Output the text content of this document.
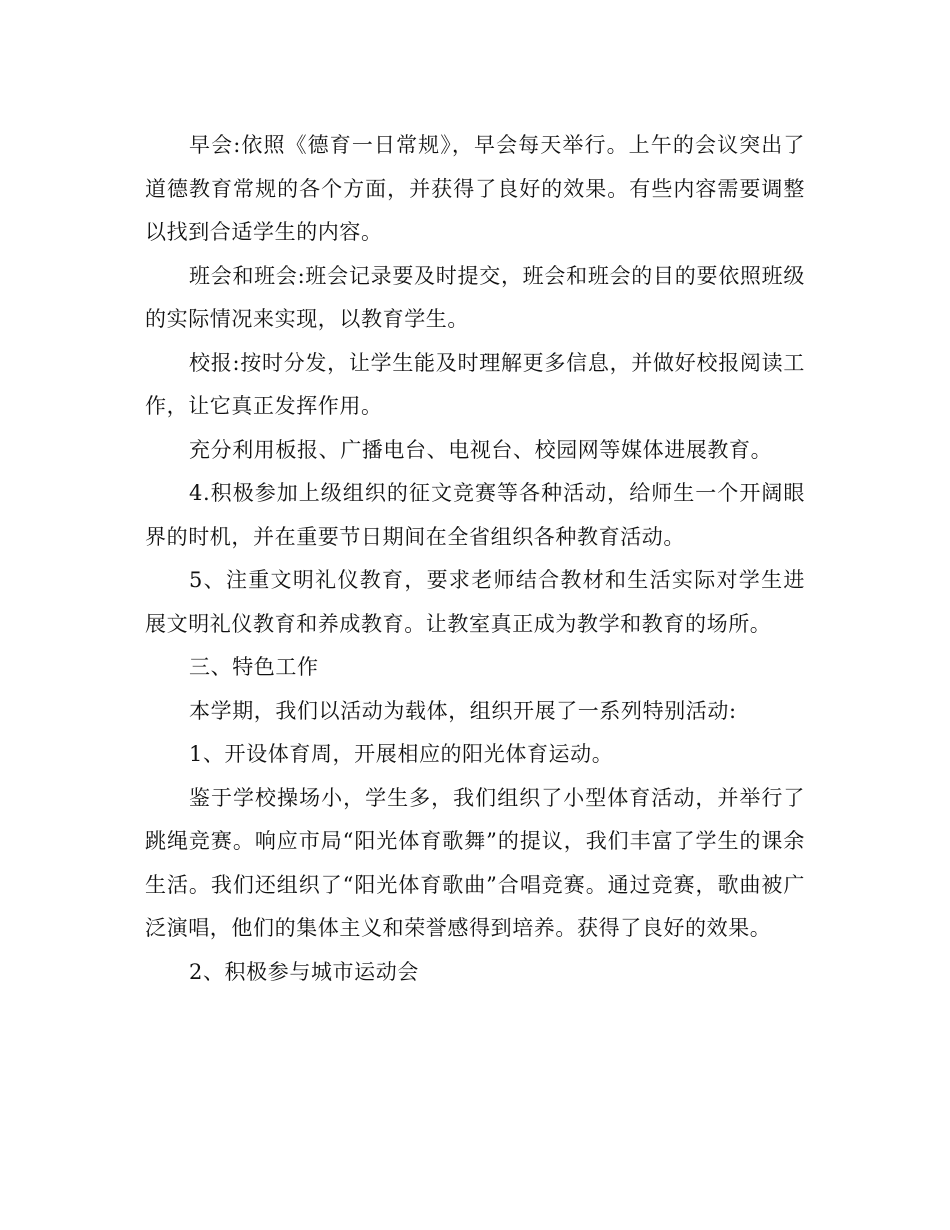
早会:依照《德育一日常规》，早会每天举行。上午的会议突出了道德教育常规的各个方面，并获得了良好的效果。有些内容需要调整以找到合适学生的内容。

班会和班会:班会记录要及时提交，班会和班会的目的要依照班级的实际情况来实现，以教育学生。

校报:按时分发，让学生能及时理解更多信息，并做好校报阅读工作，让它真正发挥作用。

充分利用板报、广播电台、电视台、校园网等媒体进展教育。

4.积极参加上级组织的征文竞赛等各种活动，给师生一个开阔眼界的时机，并在重要节日期间在全省组织各种教育活动。

5、注重文明礼仪教育，要求老师结合教材和生活实际对学生进展文明礼仪教育和养成教育。让教室真正成为教学和教育的场所。

三、特色工作

本学期，我们以活动为载体，组织开展了一系列特别活动:

1、开设体育周，开展相应的阳光体育运动。

鉴于学校操场小，学生多，我们组织了小型体育活动，并举行了跳绳竞赛。响应市局“阳光体育歌舞”的提议，我们丰富了学生的课余生活。我们还组织了“阳光体育歌曲”合唱竞赛。通过竞赛，歌曲被广泛演唱，他们的集体主义和荣誉感得到培养。获得了良好的效果。

2、积极参与城市运动会
